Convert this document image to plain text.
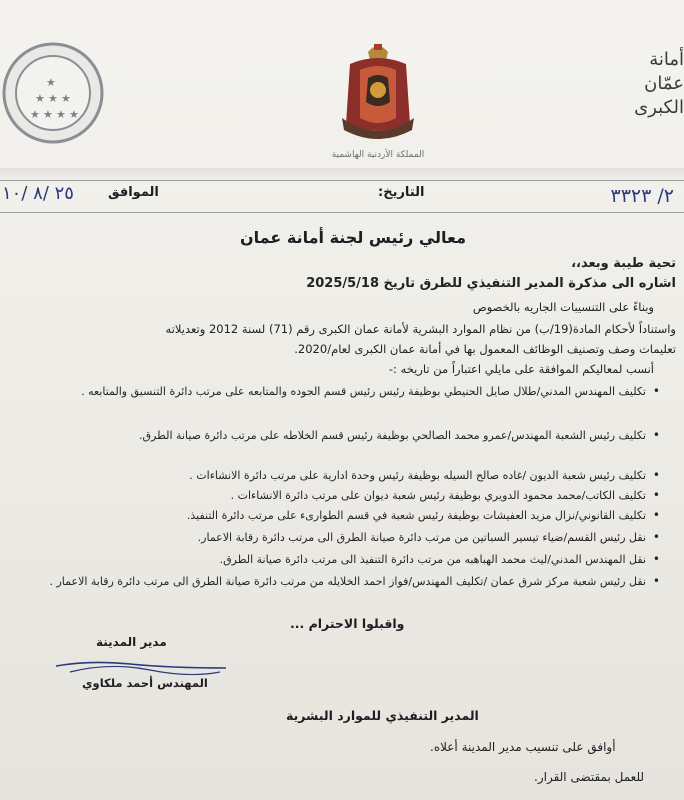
★
★ ★ ★
★ ★ ★ ★
المملكة الأردنية الهاشمية
أمانة
عمّان
الكبرى
٢/ ٣٣٢٣
التاريخ:
الموافق
٢٥ /٨ /١٠
معالي رئيس لجنة أمانة عمان
تحية طيبة وبعد،،
اشاره الى مذكرة المدير التنفيذي للطرق تاريخ 2025/5/18
وبناءً على التنسيبات الجاريه بالخصوص
واستناداً لأحكام المادة(19/ب) من نظام الموارد البشرية لأمانة عمان الكبرى رقم (71) لسنة 2012 وتعديلاته
تعليمات وصف وتصنيف الوظائف المعمول بها في أمانة عمان الكبرى لعام/2020.
أنسب لمعاليكم الموافقة على مايلي اعتباراً من تاريخه :-
• تكليف المهندس المدني/طلال صايل الحنيطي بوظيفة رئيس رئيس قسم الجوده والمتابعه على مرتب دائرة التنسيق والمتابعه .
• تكليف رئيس الشعبة المهندس/عمرو محمد الصالحي بوظيفة رئيس قسم الخلاطه على مرتب دائرة صيانة الطرق.
• تكليف رئيس شعبة الديون /غاده صالح السيله بوظيفة رئيس وحدة ادارية على مرتب دائرة الانشاءات .
• تكليف الكاتب/محمد محمود الدويري بوظيفة رئيس شعبة ديوان على مرتب دائرة الانشاءات .
• تكليف القانوني/نزال مزيد العفيشات بوظيفة رئيس شعبة في قسم الطوارىء على مرتب دائرة التنفيذ.
• نقل رئيس القسم/ضياء تيسير السباتين من مرتب دائرة صيانة الطرق الى مرتب دائرة رقابة الاعمار.
• نقل المهندس المدني/ليث محمد الهباهبه من مرتب دائرة التنفيذ الى مرتب دائرة صيانة الطرق.
• نقل رئيس شعبة مركز شرق عمان /تكليف المهندس/فواز احمد الخلايله من مرتب دائرة صيانة الطرق الى مرتب دائرة رقابة الاعمار .
واقبلوا الاحترام ...
مدير المدينة
المهندس أحمد ملكاوي
المدير التنفيذي للموارد البشرية
أوافق على تنسيب مدير المدينة أعلاه.
للعمل بمقتضى القرار.
